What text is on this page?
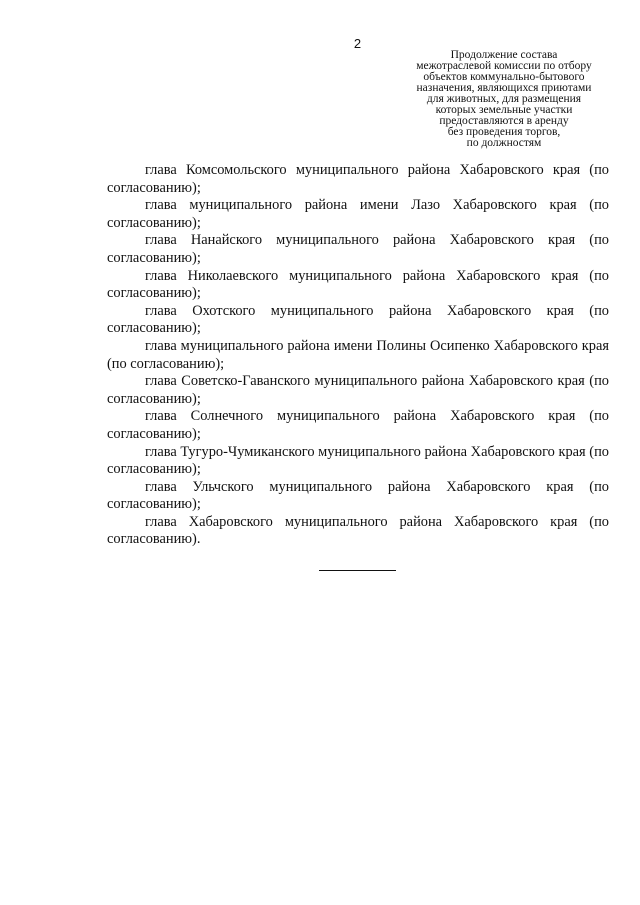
2
Продолжение состава
межотраслевой комиссии по отбору
объектов коммунально-бытового
назначения, являющихся приютами
для животных, для размещения
которых земельные участки
предоставляются в аренду
без проведения торгов,
по должностям
глава Комсомольского муниципального района Хабаровского края (по согласованию);
глава муниципального района имени Лазо Хабаровского края (по согласованию);
глава Нанайского муниципального района Хабаровского края (по согласованию);
глава Николаевского муниципального района Хабаровского края (по согласованию);
глава Охотского муниципального района Хабаровского края (по согласованию);
глава муниципального района имени Полины Осипенко Хабаровского края (по согласованию);
глава Советско-Гаванского муниципального района Хабаровского края (по согласованию);
глава Солнечного муниципального района Хабаровского края (по согласованию);
глава Тугуро-Чумиканского муниципального района Хабаровского края (по согласованию);
глава Ульчского муниципального района Хабаровского края (по согласованию);
глава Хабаровского муниципального района Хабаровского края (по согласованию).
